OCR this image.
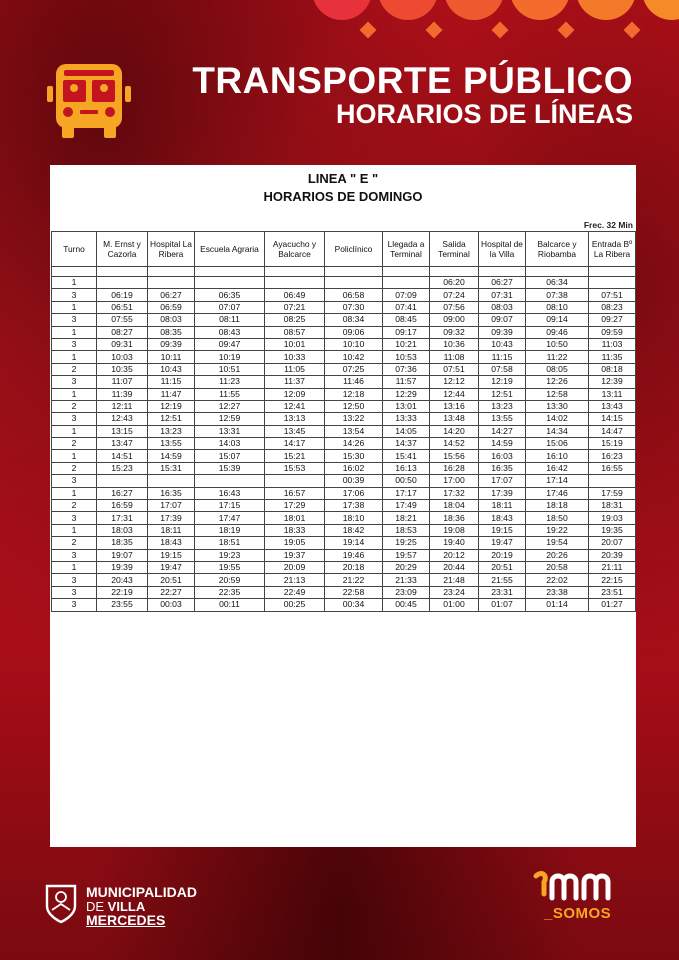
TRANSPORTE PÚBLICO
HORARIOS DE LÍNEAS
LINEA " E "
HORARIOS DE DOMINGO
Frec. 32 Min
Turno	M. Ernst y Cazorla	Hospital La Ribera	Escuela Agraria	Ayacucho y Balcarce	Policlínico	Llegada a Terminal	Salida Terminal	Hospital de la Villa	Balcarce y Riobamba	Entrada Bº La Ribera

1							06:20	06:27	06:34	
3	06:19	06:27	06:35	06:49	06:58	07:09	07:24	07:31	07:38	07:51
1	06:51	06:59	07:07	07:21	07:30	07:41	07:56	08:03	08:10	08:23
3	07:55	08:03	08:11	08:25	08:34	08:45	09:00	09:07	09:14	09:27
1	08:27	08:35	08:43	08:57	09:06	09:17	09:32	09:39	09:46	09:59
3	09:31	09:39	09:47	10:01	10:10	10:21	10:36	10:43	10:50	11:03
1	10:03	10:11	10:19	10:33	10:42	10:53	11:08	11:15	11:22	11:35
2	10:35	10:43	10:51	11:05	07:25	07:36	07:51	07:58	08:05	08:18
3	11:07	11:15	11:23	11:37	11:46	11:57	12:12	12:19	12:26	12:39
1	11:39	11:47	11:55	12:09	12:18	12:29	12:44	12:51	12:58	13:11
2	12:11	12:19	12:27	12:41	12:50	13:01	13:16	13:23	13:30	13:43
3	12:43	12:51	12:59	13:13	13:22	13:33	13:48	13:55	14:02	14:15
1	13:15	13:23	13:31	13:45	13:54	14:05	14:20	14:27	14:34	14:47
2	13:47	13:55	14:03	14:17	14:26	14:37	14:52	14:59	15:06	15:19
1	14:51	14:59	15:07	15:21	15:30	15:41	15:56	16:03	16:10	16:23
2	15:23	15:31	15:39	15:53	16:02	16:13	16:28	16:35	16:42	16:55
3					00:39	00:50	17:00	17:07	17:14	
1	16:27	16:35	16:43	16:57	17:06	17:17	17:32	17:39	17:46	17:59
2	16:59	17:07	17:15	17:29	17:38	17:49	18:04	18:11	18:18	18:31
3	17:31	17:39	17:47	18:01	18:10	18:21	18:36	18:43	18:50	19:03
1	18:03	18:11	18:19	18:33	18:42	18:53	19:08	19:15	19:22	19:35
2	18:35	18:43	18:51	19:05	19:14	19:25	19:40	19:47	19:54	20:07
3	19:07	19:15	19:23	19:37	19:46	19:57	20:12	20:19	20:26	20:39
1	19:39	19:47	19:55	20:09	20:18	20:29	20:44	20:51	20:58	21:11
3	20:43	20:51	20:59	21:13	21:22	21:33	21:48	21:55	22:02	22:15
3	22:19	22:27	22:35	22:49	22:58	23:09	23:24	23:31	23:38	23:51
3	23:55	00:03	00:11	00:25	00:34	00:45	01:00	01:07	01:14	01:27
MUNICIPALIDAD
DE VILLA
MERCEDES	_SOMOS
